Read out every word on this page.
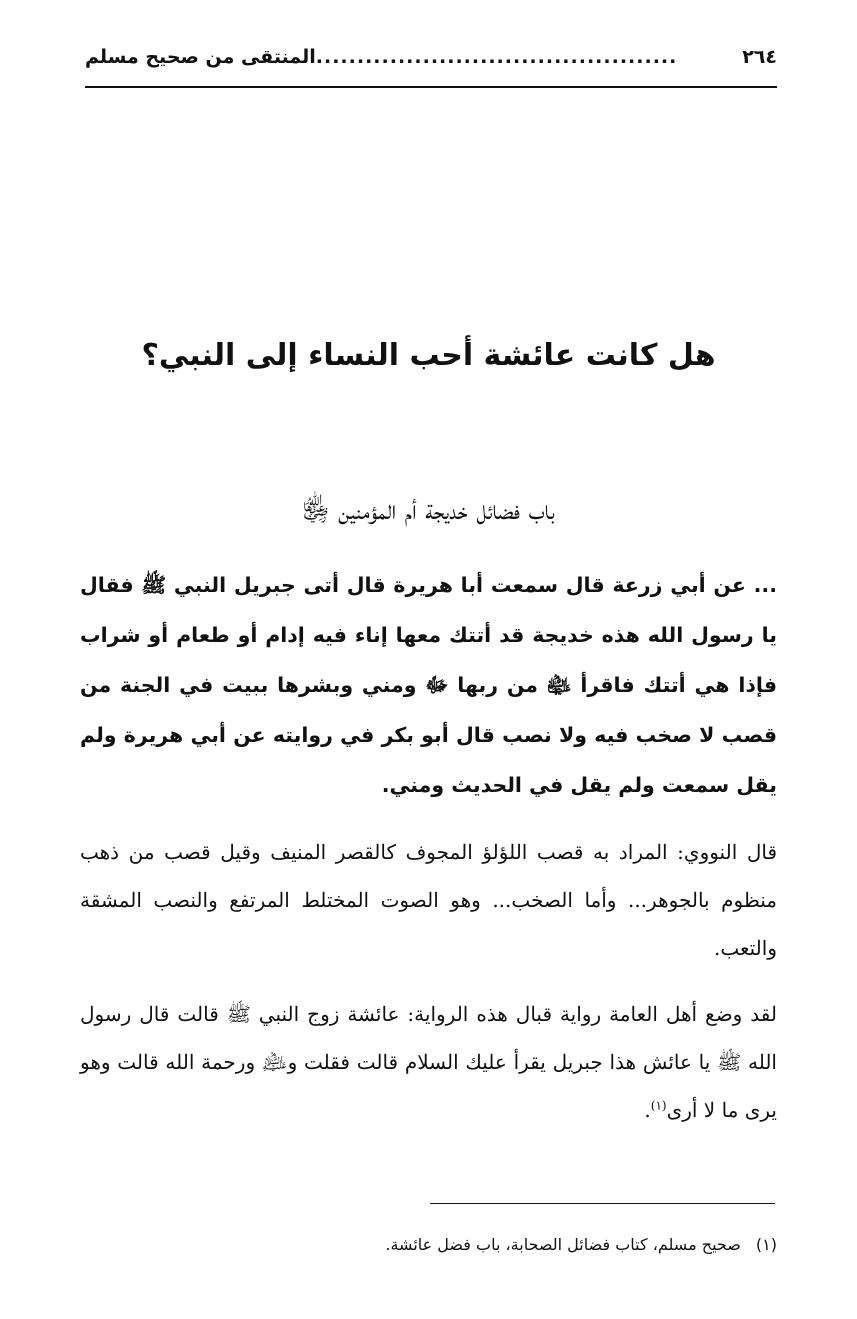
٢٦٤
............................................
المنتقى من صحيح مسلم
هل كانت عائشة أحب النساء إلى النبي؟
باب فضائل خديجة أم المؤمنين ﵂

... عن أبي زرعة قال سمعت أبا هريرة قال أتى جبريل النبي ﷺ فقال يا رسول الله هذه خديجة قد أتتك معها إناء فيه إدام أو طعام أو شراب فإذا هي أتتك فاقرأ ﵍ من ربها ﷻ ومني وبشرها ببيت في الجنة من قصب لا صخب فيه ولا نصب قال أبو بكر في روايته عن أبي هريرة ولم يقل سمعت ولم يقل في الحديث ومني.

قال النووي: المراد به قصب اللؤلؤ المجوف كالقصر المنيف وقيل قصب من ذهب منظوم بالجوهر... وأما الصخب... وهو الصوت المختلط المرتفع والنصب المشقة والتعب.

لقد وضع أهل العامة رواية قبال هذه الرواية: عائشة زوج النبي ﷺ قالت قال رسول الله ﷺ يا عائش هذا جبريل يقرأ عليك السلام قالت فقلت و﵇ ورحمة الله قالت وهو يرى ما لا أرى$^{(١)}$.

(١) صحيح مسلم، كتاب فضائل الصحابة، باب فضل عائشة.
